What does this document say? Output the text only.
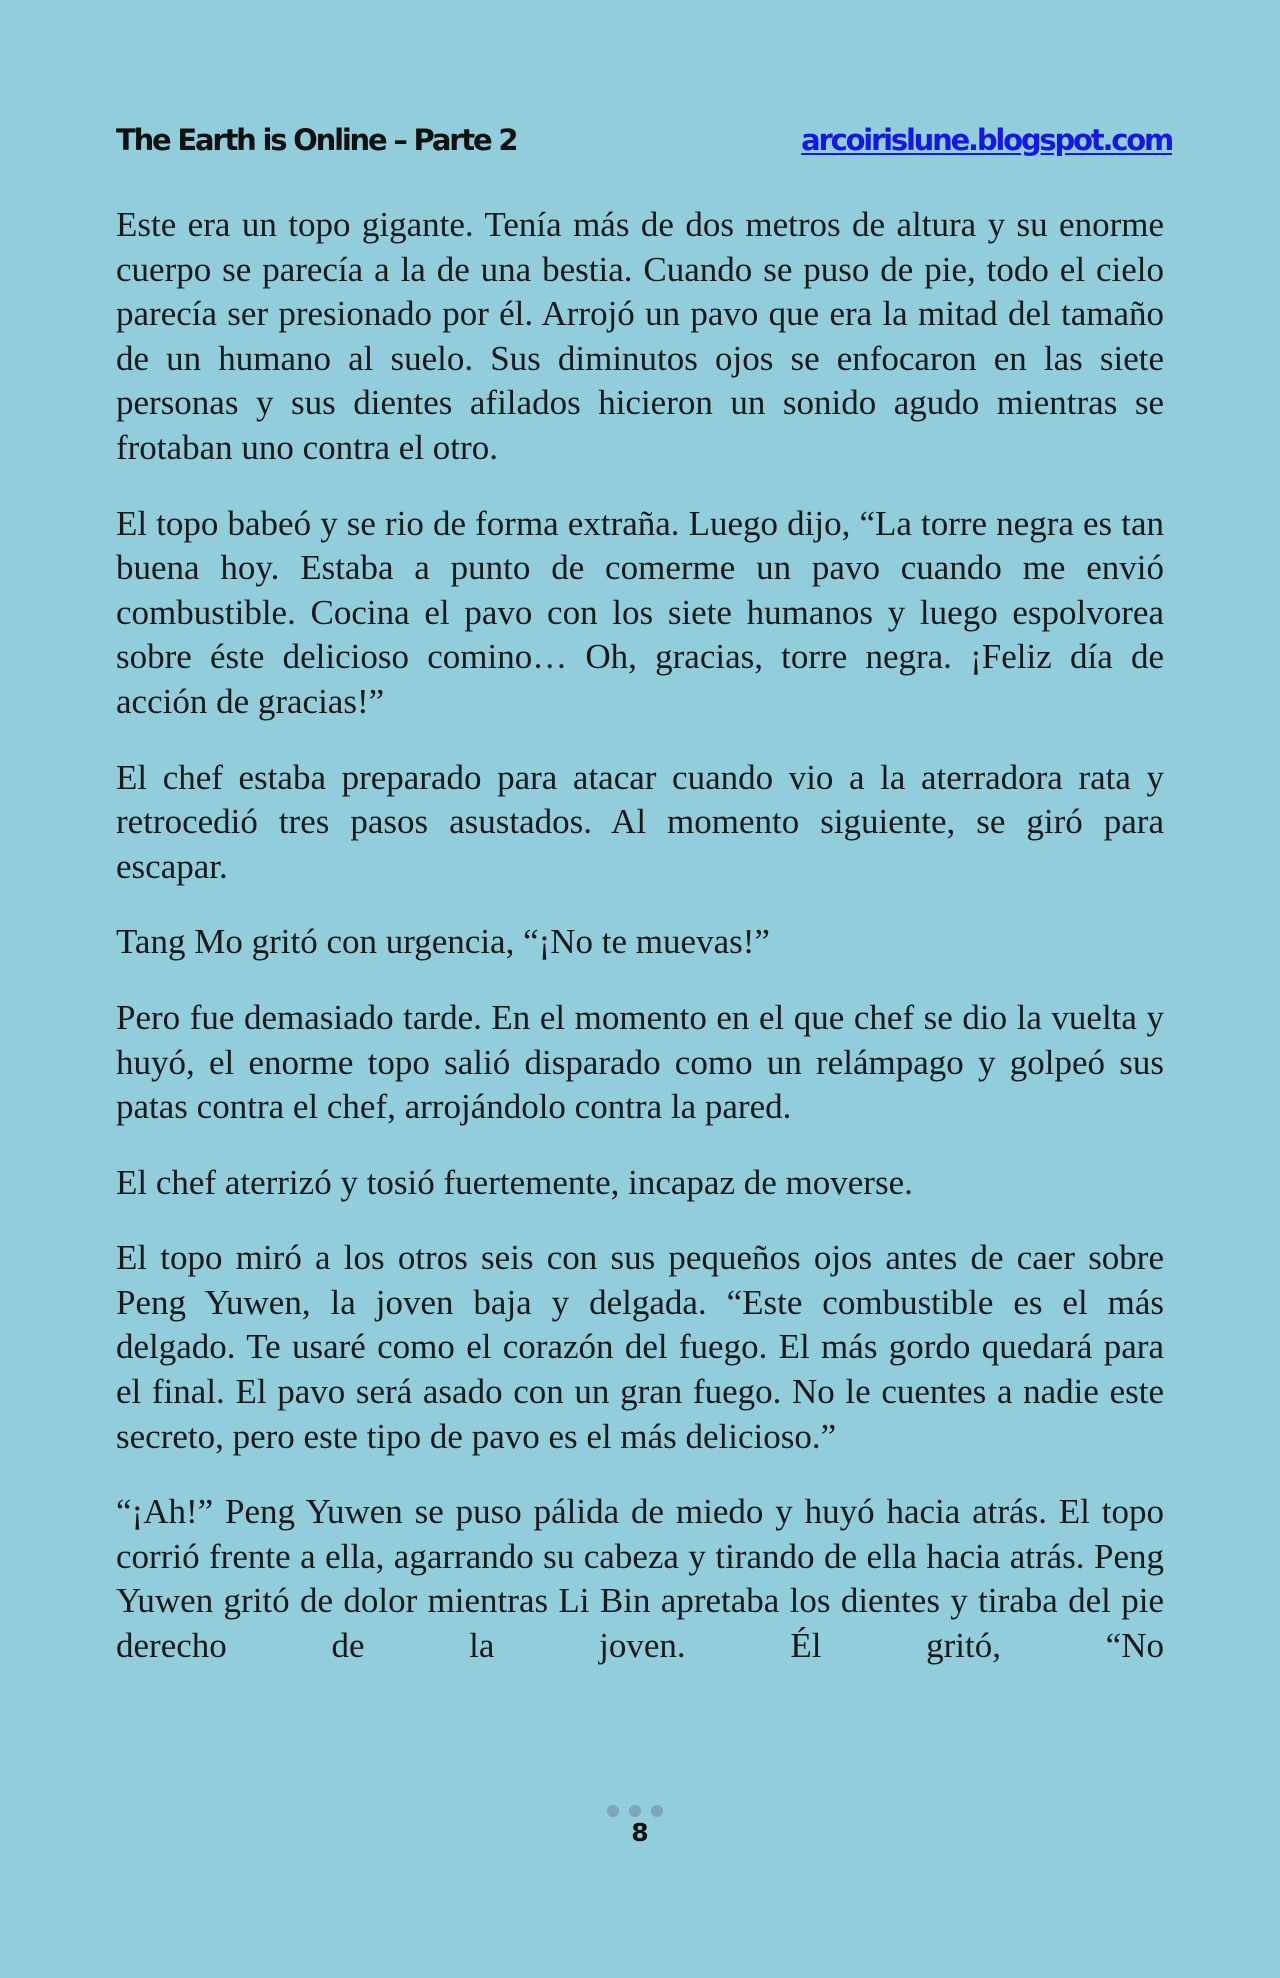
The Earth is Online – Parte 2	arcoirislune.blogspot.com

Este era un topo gigante. Tenía más de dos metros de altura y su enorme cuerpo se parecía a la de una bestia. Cuando se puso de pie, todo el cielo parecía ser presionado por él. Arrojó un pavo que era la mitad del tamaño de un humano al suelo. Sus diminutos ojos se enfocaron en las siete personas y sus dientes afilados hicieron un sonido agudo mientras se frotaban uno contra el otro.

El topo babeó y se rio de forma extraña. Luego dijo, “La torre negra es tan buena hoy. Estaba a punto de comerme un pavo cuando me envió combustible. Cocina el pavo con los siete humanos y luego espolvorea sobre éste delicioso comino… Oh, gracias, torre negra. ¡Feliz día de acción de gracias!”

El chef estaba preparado para atacar cuando vio a la aterradora rata y retrocedió tres pasos asustados. Al momento siguiente, se giró para escapar.

Tang Mo gritó con urgencia, “¡No te muevas!”

Pero fue demasiado tarde. En el momento en el que chef se dio la vuelta y huyó, el enorme topo salió disparado como un relámpago y golpeó sus patas contra el chef, arrojándolo contra la pared.

El chef aterrizó y tosió fuertemente, incapaz de moverse.

El topo miró a los otros seis con sus pequeños ojos antes de caer sobre Peng Yuwen, la joven baja y delgada. “Este combustible es el más delgado. Te usaré como el corazón del fuego. El más gordo quedará para el final. El pavo será asado con un gran fuego. No le cuentes a nadie este secreto, pero este tipo de pavo es el más delicioso.”

“¡Ah!” Peng Yuwen se puso pálida de miedo y huyó hacia atrás. El topo corrió frente a ella, agarrando su cabeza y tirando de ella hacia atrás. Peng Yuwen gritó de dolor mientras Li Bin apretaba los dientes y tiraba del pie derecho de la joven. Él gritó, “No

8
